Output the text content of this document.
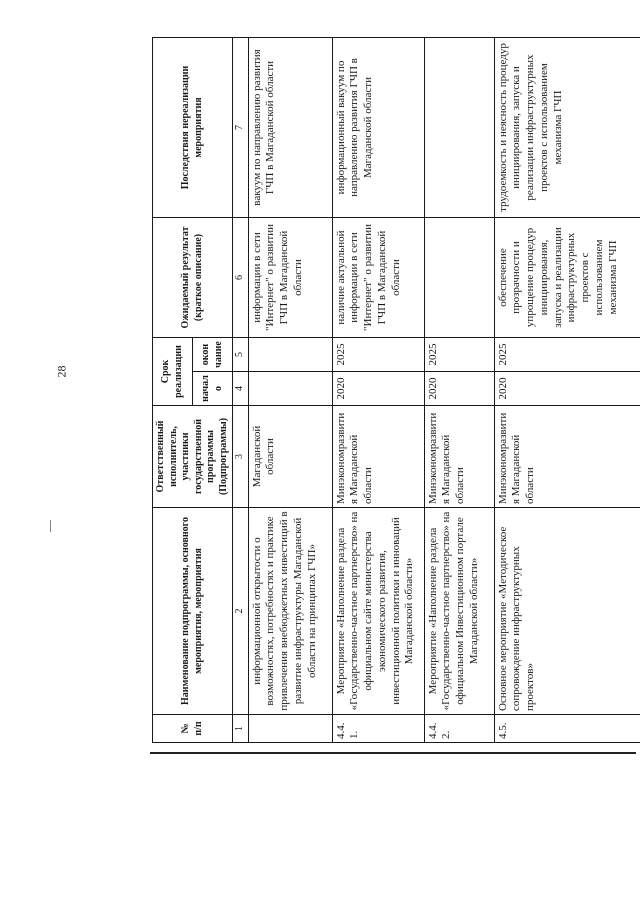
28
№ п/п	Наименование подпрограммы, основного мероприятия, мероприятия	Ответственный исполнитель, участники государственной программы (Подпрограммы)	Срок реализации		Ожидаемый результат (краткое описание)	Последствия нереализации мероприятия
			начало	окончание		
1	2	3	4	5	6	7
	информационной открытости о возможностях, потребностях и практике привлечения внебюджетных инвестиций в развитие инфраструктуры Магаданской области на принципах ГЧП»	Магаданской области			информации в сети "Интернет" о развитии ГЧП в Магаданской области	вакуум по направлению развития ГЧП в Магаданской области
4.4.1.	Мероприятие «Наполнение раздела «Государственно-частное партнерство» на официальном сайте министерства экономического развития, инвестиционной политики и инноваций Магаданской области»	Минэкономразвития Магаданской области	2020	2025	наличие актуальной информации в сети "Интернет" о развитии ГЧП в Магаданской области	информационный вакуум по направлению развития ГЧП в Магаданской области
4.4.2.	Мероприятие «Наполнение раздела «Государственно-частное партнерство» на официальном Инвестиционном портале Магаданской области»	Минэкономразвития Магаданской области	2020	2025		
4.5.	Основное мероприятие «Методическое сопровождение инфраструктурных проектов»	Минэкономразвития Магаданской области	2020	2025	обеспечение прозрачности и упрощение процедур инициирования, запуска и реализации инфраструктурных проектов с использованием механизма ГЧП	трудоемкость и неясность процедур инициирования, запуска и реализации инфраструктурных проектов с использованием механизма ГЧП
